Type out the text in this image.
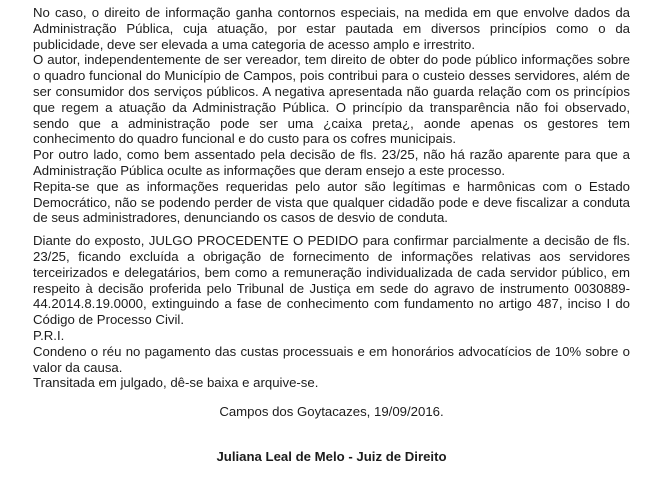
No caso, o direito de informação ganha contornos especiais, na medida em que envolve dados da Administração Pública, cuja atuação, por estar pautada em diversos princípios como o da publicidade, deve ser elevada a uma categoria de acesso amplo e irrestrito.
O autor, independentemente de ser vereador, tem direito de obter do pode público informações sobre o quadro funcional do Município de Campos, pois contribui para o custeio desses servidores, além de ser consumidor dos serviços públicos. A negativa apresentada não guarda relação com os princípios que regem a atuação da Administração Pública. O princípio da transparência não foi observado, sendo que a administração pode ser uma ¿caixa preta¿, aonde apenas os gestores tem conhecimento do quadro funcional e do custo para os cofres municipais.
Por outro lado, como bem assentado pela decisão de fls. 23/25, não há razão aparente para que a Administração Pública oculte as informações que deram ensejo a este processo.
Repita-se que as informações requeridas pelo autor são legítimas e harmônicas com o Estado Democrático, não se podendo perder de vista que qualquer cidadão pode e deve fiscalizar a conduta de seus administradores, denunciando os casos de desvio de conduta.
Diante do exposto, JULGO PROCEDENTE O PEDIDO para confirmar parcialmente a decisão de fls. 23/25, ficando excluída a obrigação de fornecimento de informações relativas aos servidores terceirizados e delegatários, bem como a remuneração individualizada de cada servidor público, em respeito à decisão proferida pelo Tribunal de Justiça em sede do agravo de instrumento 0030889-44.2014.8.19.0000, extinguindo a fase de conhecimento com fundamento no artigo 487, inciso I do Código de Processo Civil.
P.R.I.
Condeno o réu no pagamento das custas processuais e em honorários advocatícios de 10% sobre o valor da causa.
Transitada em julgado, dê-se baixa e arquive-se.
Campos dos Goytacazes, 19/09/2016.
Juliana Leal de Melo - Juiz de Direito
